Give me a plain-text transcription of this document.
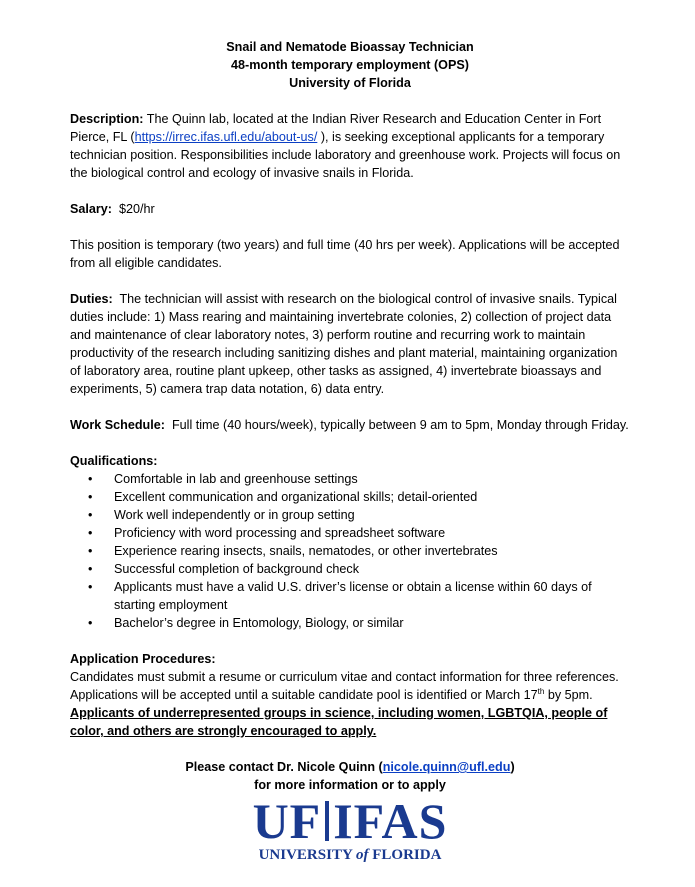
Snail and Nematode Bioassay Technician
48-month temporary employment (OPS)
University of Florida

Description: The Quinn lab, located at the Indian River Research and Education Center in Fort Pierce, FL (https://irrec.ifas.ufl.edu/about-us/ ), is seeking exceptional applicants for a temporary technician position. Responsibilities include laboratory and greenhouse work. Projects will focus on the biological control and ecology of invasive snails in Florida.

Salary: $20/hr

This position is temporary (two years) and full time (40 hrs per week). Applications will be accepted from all eligible candidates.

Duties: The technician will assist with research on the biological control of invasive snails. Typical duties include: 1) Mass rearing and maintaining invertebrate colonies, 2) collection of project data and maintenance of clear laboratory notes, 3) perform routine and recurring work to maintain productivity of the research including sanitizing dishes and plant material, maintaining organization of laboratory area, routine plant upkeep, other tasks as assigned, 4) invertebrate bioassays and experiments, 5) camera trap data notation, 6) data entry.

Work Schedule: Full time (40 hours/week), typically between 9 am to 5pm, Monday through Friday.

Qualifications:
• Comfortable in lab and greenhouse settings
• Excellent communication and organizational skills; detail-oriented
• Work well independently or in group setting
• Proficiency with word processing and spreadsheet software
• Experience rearing insects, snails, nematodes, or other invertebrates
• Successful completion of background check
• Applicants must have a valid U.S. driver’s license or obtain a license within 60 days of starting employment
• Bachelor’s degree in Entomology, Biology, or similar
Application Procedures:

Candidates must submit a resume or curriculum vitae and contact information for three references. Applications will be accepted until a suitable candidate pool is identified or March 17th by 5pm. Applicants of underrepresented groups in science, including women, LGBTQIA, people of color, and others are strongly encouraged to apply.

Please contact Dr. Nicole Quinn (nicole.quinn@ufl.edu)
for more information or to apply
UF IFAS
UNIVERSITY of FLORIDA
